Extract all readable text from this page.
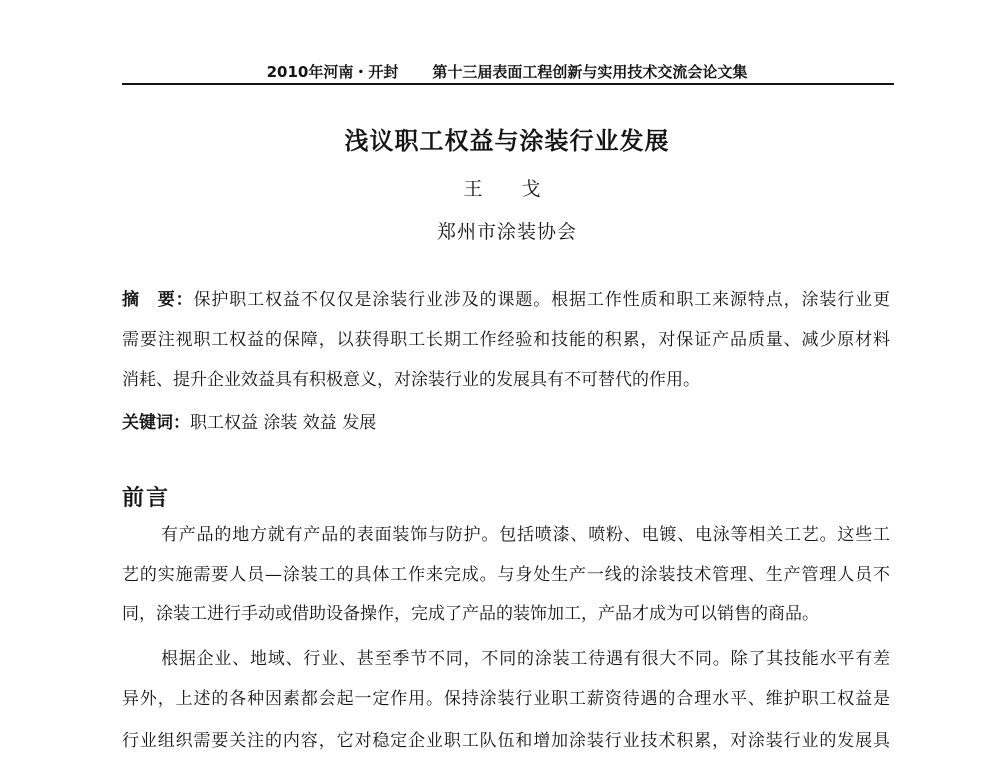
2010年河南・开封 第十三届表面工程创新与实用技术交流会论文集
浅议职工权益与涂装行业发展
王　戈
郑州市涂装协会
摘　要：保护职工权益不仅仅是涂装行业涉及的课题。根据工作性质和职工来源特点，涂装行业更
需要注视职工权益的保障，以获得职工长期工作经验和技能的积累，对保证产品质量、减少原材料
消耗、提升企业效益具有积极意义，对涂装行业的发展具有不可替代的作用。
关键词：职工权益 涂装 效益 发展
前言
有产品的地方就有产品的表面装饰与防护。包括喷漆、喷粉、电镀、电泳等相关工艺。这些工
艺的实施需要人员—涂装工的具体工作来完成。与身处生产一线的涂装技术管理、生产管理人员不
同，涂装工进行手动或借助设备操作，完成了产品的装饰加工，产品才成为可以销售的商品。
根据企业、地域、行业、甚至季节不同，不同的涂装工待遇有很大不同。除了其技能水平有差
异外，上述的各种因素都会起一定作用。保持涂装行业职工薪资待遇的合理水平、维护职工权益是
行业组织需要关注的内容，它对稳定企业职工队伍和增加涂装行业技术积累，对涂装行业的发展具
